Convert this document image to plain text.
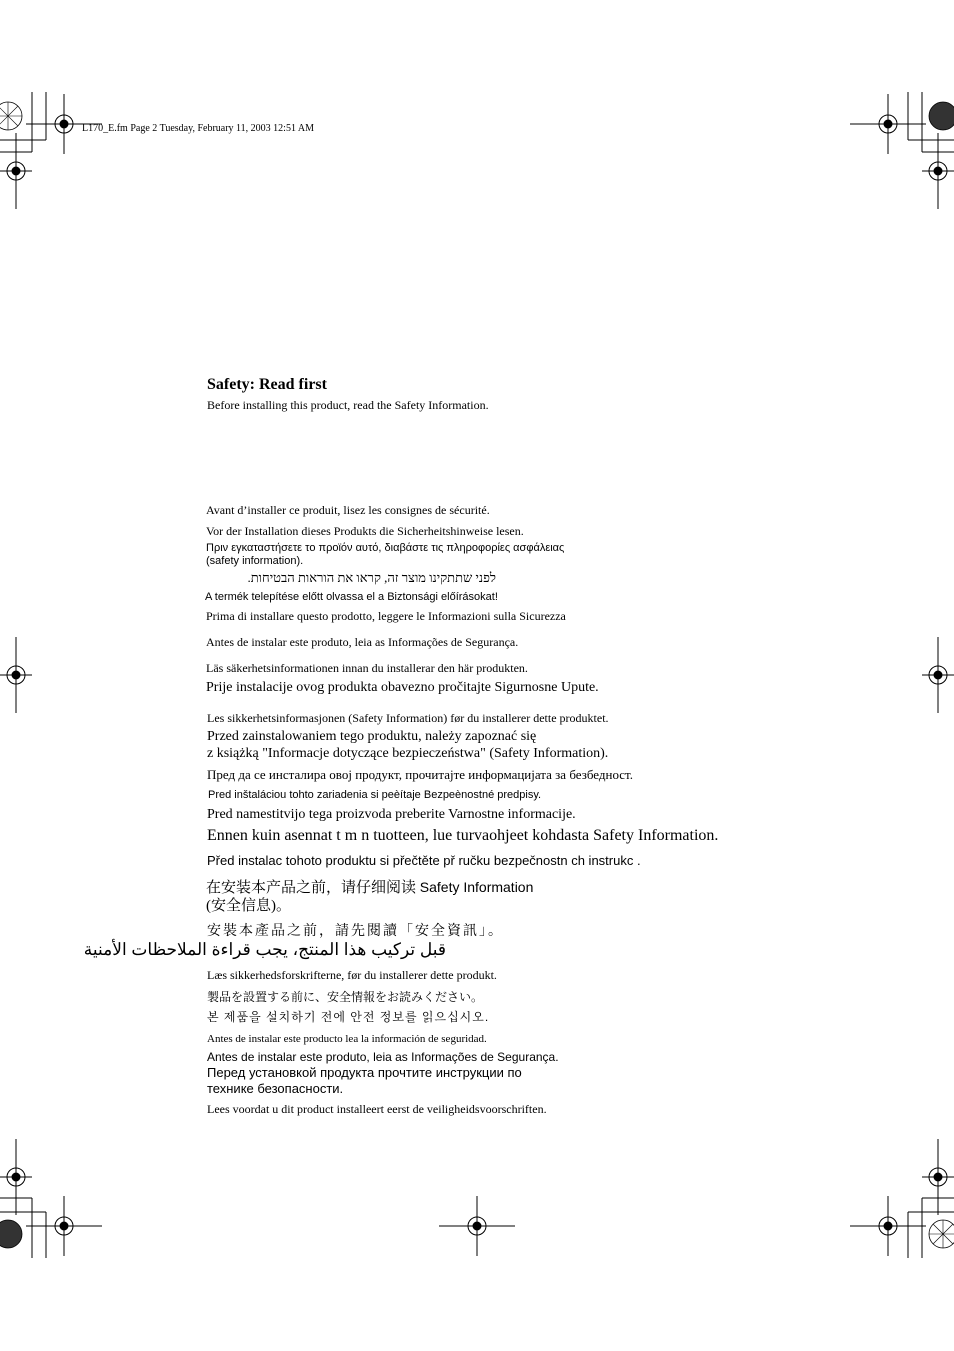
L170_E.fm Page 2 Tuesday, February 11, 2003 12:51 AM
Safety: Read first
Before installing this product, read the Safety Information.
Avant d’installer ce produit, lisez les consignes de sécurité.
Vor der Installation dieses Produkts die Sicherheitshinweise lesen.
Πριν εγκαταστήσετε το προϊόν αυτό, διαβάστε τις πληροφορίες ασφάλειας
(safety information).
לפני שתתקינו מוצר זה, קראו את הוראות הבטיחות.
A termék telepítése előtt olvassa el a Biztonsági előírásokat!
Prima di installare questo prodotto, leggere le Informazioni sulla Sicurezza
Antes de instalar este produto, leia as Informações de Segurança.
Läs säkerhetsinformationen innan du installerar den här produkten.
Prije instalacije ovog produkta obavezno pročitajte Sigurnosne Upute.
Les sikkerhetsinformasjonen (Safety Information) før du installerer dette produktet.
Przed zainstalowaniem tego produktu, należy zapoznać się
z książką "Informacje dotyczące bezpieczeństwa" (Safety Information).
Пред да се инсталира овој продукт, прочитајте информацијата за безбедност.
Pred inštaláciou tohto zariadenia si peèítaje Bezpeènostné predpisy.
Pred namestitvijo tega proizvoda preberite Varnostne informacije.
Ennen kuin asennat t m n tuotteen, lue turvaohjeet kohdasta Safety Information.
Před instalac tohoto produktu si přečtěte př ručku bezpečnostn ch instrukc .
在安装本产品之前，请仔细阅读 Safety Information
(安全信息)。
安裝本產品之前，請先閱讀「安全資訊」。
قبل تركيب هذا المنتج، يجب قراءة الملاحظات الأمنية
Læs sikkerhedsforskrifterne, før du installerer dette produkt.
製品を設置する前に、安全情報をお読みください。
본 제품을 설치하기 전에 안전 정보를 읽으십시오.
Antes de instalar este producto lea la información de seguridad.
Antes de instalar este produto, leia as Informações de Segurança.
Перед установкой продукта прочтите инструкции по
технике безопасности.
Lees voordat u dit product installeert eerst de veiligheidsvoorschriften.
